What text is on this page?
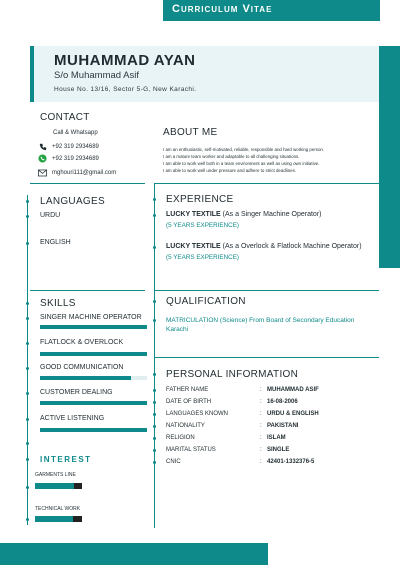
Curriculum Vitae
MUHAMMAD AYAN
S/o Muhammad Asif
House No. 13/16, Sector 5-G, New Karachi.
CONTACT
Call & Whatsapp
+92 319 2934689
+92 319 2934689
mghouri111@gmail.com
ABOUT ME
I am an enthusiastic, self-motivated, reliable, responsible and hard working person.
I am a mature team worker and adaptable to all challenging situations.
I am able to work well both in a team environment as well as using own initiative.
I am able to work well under pressure and adhere to strict deadlines.
LANGUAGES
URDU
ENGLISH
EXPERIENCE
LUCKY TEXTILE (As a Singer Machine Operator)
(5 YEARS EXPERIENCE)
LUCKY TEXTILE (As a Overlock & Flatlock Machine Operator)
(5 YEARS EXPERIENCE)
SKILLS
SINGER MACHINE OPERATOR
FLATLOCK & OVERLOCK
GOOD COMMUNICATION
CUSTOMER DEALING
ACTIVE LISTENING
INTEREST
GARMENTS LINE
TECHNICAL WORK
QUALIFICATION
MATRICULATION (Science) From Board of Secondary Education Karachi
PERSONAL INFORMATION
FATHER NAME	: MUHAMMAD ASIF
DATE OF BIRTH	: 16-08-2006
LANGUAGES KNOWN	: URDU & ENGLISH
NATIONALITY	: PAKISTANI
RELIGION	: ISLAM
MARITAL STATUS	: SINGLE
CNIC	: 42401-1332376-5
